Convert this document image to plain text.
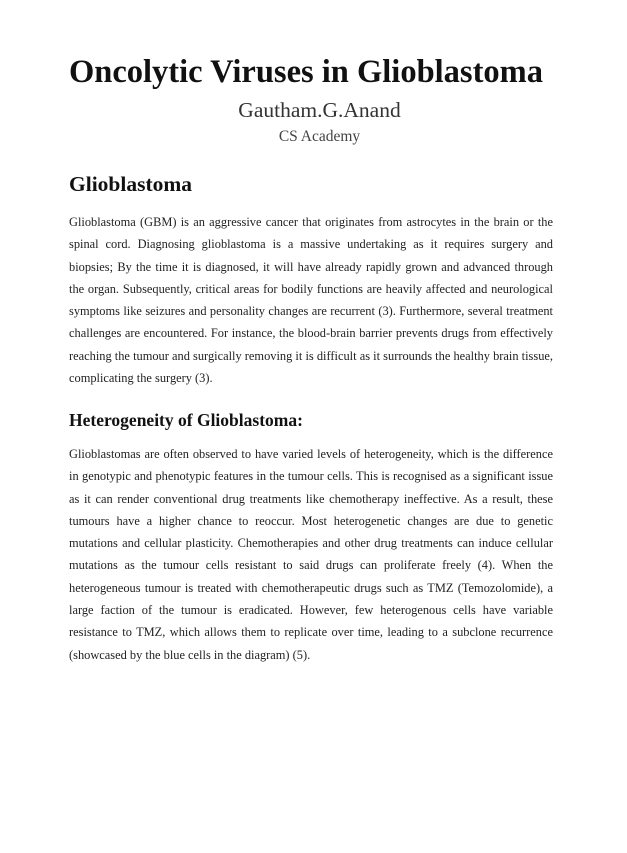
Oncolytic Viruses in Glioblastoma

Gautham.G.Anand

CS Academy

Glioblastoma

Glioblastoma (GBM) is an aggressive cancer that originates from astrocytes in the brain or the spinal cord. Diagnosing glioblastoma is a massive undertaking as it requires surgery and biopsies; By the time it is diagnosed, it will have already rapidly grown and advanced through the organ. Subsequently, critical areas for bodily functions are heavily affected and neurological symptoms like seizures and personality changes are recurrent (3). Furthermore, several treatment challenges are encountered. For instance, the blood-brain barrier prevents drugs from effectively reaching the tumour and surgically removing it is difficult as it surrounds the healthy brain tissue, complicating the surgery (3).

Heterogeneity of Glioblastoma:

Glioblastomas are often observed to have varied levels of heterogeneity, which is the difference in genotypic and phenotypic features in the tumour cells. This is recognised as a significant issue as it can render conventional drug treatments like chemotherapy ineffective. As a result, these tumours have a higher chance to reoccur. Most heterogenetic changes are due to genetic mutations and cellular plasticity. Chemotherapies and other drug treatments can induce cellular mutations as the tumour cells resistant to said drugs can proliferate freely (4). When the heterogeneous tumour is treated with chemotherapeutic drugs such as TMZ (Temozolomide), a large faction of the tumour is eradicated. However, few heterogenous cells have variable resistance to TMZ, which allows them to replicate over time, leading to a subclone recurrence (showcased by the blue cells in the diagram) (5).
